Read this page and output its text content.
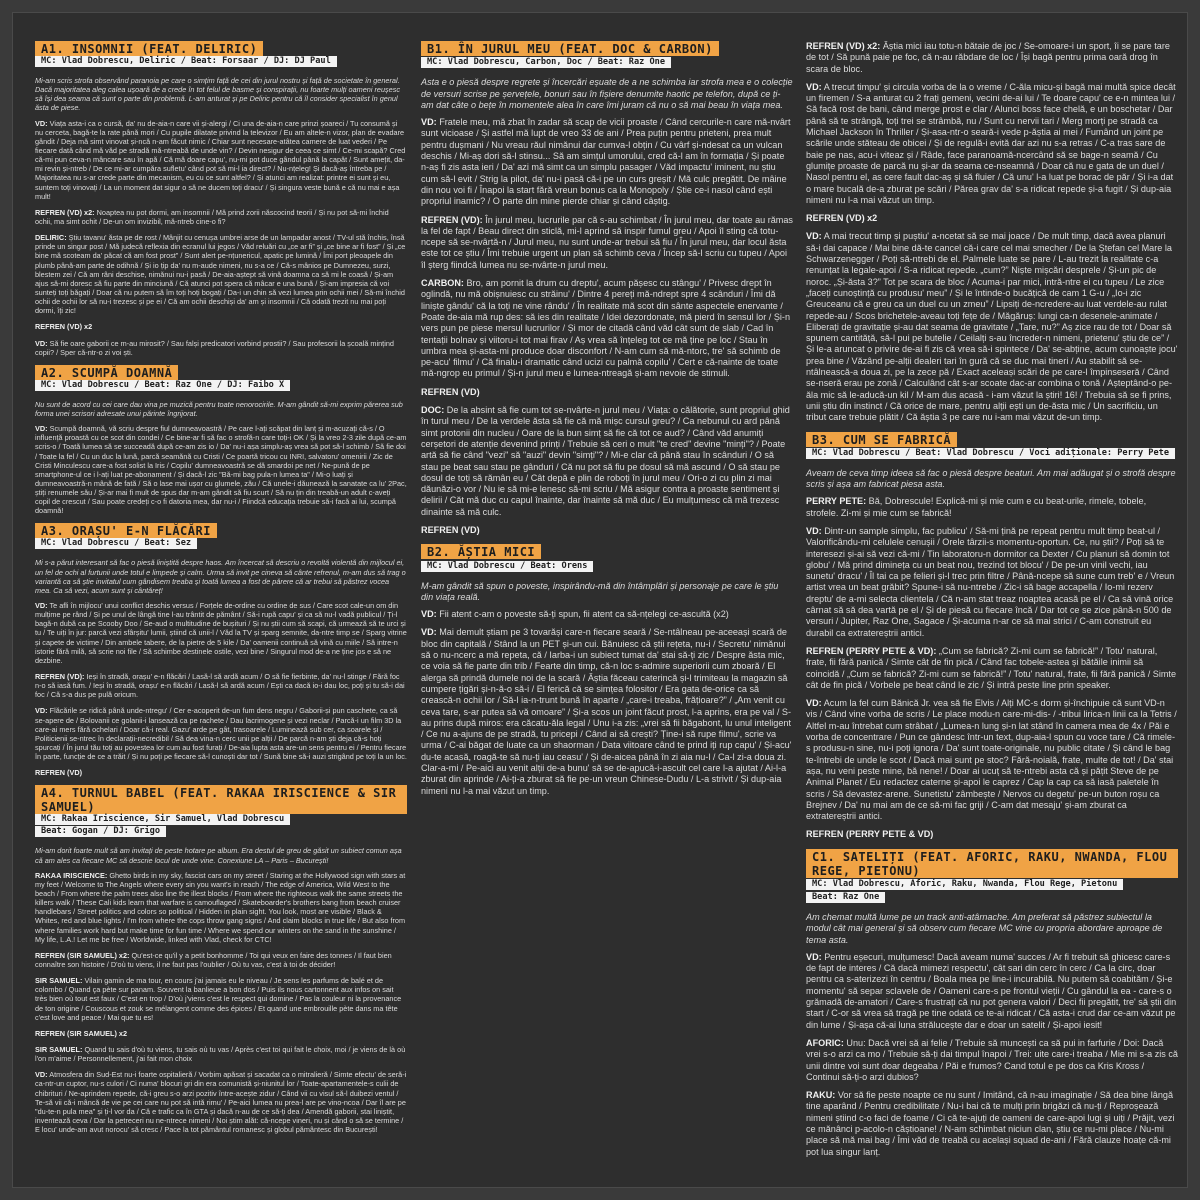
A1. INSOMNII (FEAT. DELIRIC)
MC: Vlad Dobrescu, Deliric / Beat: Forsaar / DJ: DJ Paul

Mi-am scris strofa observând paranoia pe care o simțim față de cei din jurul nostru și față de societate în general. Dacă majoritatea aleg calea ușoară de a crede în tot felul de basme și conspirații, nu foarte mulți oameni reușesc să își dea seama că sunt o parte din problemă. L-am anturat și pe Deliric pentru că îl consider specialist în genul ăsta de piese.
VD: Viața asta-i ca o cursă, da' nu de-aia-n care vii și-alergi / Ci una de-aia-n care prinzi șoareci / Tu consumă și nu cerceta, bagă-te la rate până mori / Cu pupile dilatate privind la televizor / Eu am altele-n vizor, plan de evadare gândit / Deja mă simt vinovat și-ncă n-am făcut nimic / Chiar sunt necesare-atâtea camere de luat vederi / Pe fiecare dată când mă văd pe stradă mă-ntreabă de unde vin? / Devin nesigur de ceea ce simt / Ce-mi scapă? Cred că-mi pun ceva-n mâncare sau în apă / Că mă doare capu', nu-mi pot duce gândul până la capăt / Sunt amețit, da-mi revin și-ntreb / De ce mi-ar cumpăra sufletu' când pot să mi-l ia direct? / Nu-nțeleg! Și dacă-aș întreba pe / Majoritatea nu s-ar crede parte din mecanism, eu cu ce sunt altfel? / Și atunci am realizat: printre ei sunt și eu, suntem toți vinovați / La un moment dat sigur o să ne ducem toți dracu' / Și singura veste bună e că nu mai e așa mult!
REFREN (VD) x2: Noaptea nu pot dormi, am insomnii / Mă prind zorii născocind teorii / Și nu pot să-mi închid ochii, ma simt ochit / De-un om invizibil, mă-ntreb cine-o fi?
DELIRIC: Știu tavanu' ăsta pe de rost / Mânjit cu cenușa umbrei arse de un lampadar anost / TV-ul stă închis, însă prinde un singur post / Mă judecă reflexia din ecranul lui jegos / Văd reluări cu „ce ar fi” și „ce bine ar fi fost” / Și „ce bine mă scoteam da' păcat că am fost prost” / Sunt alert pe-nțunericul, apatic pe lumină / Îmi port pleoapele din plumb până-am parte de odihnă / Și io țip da' nu m-aude nimeni, nu s-a ce / Că-s mânios pe Dumnezeu, surzi, blestem zei / Că am râni deschise, nimănui nu-i pasă / De-aia-aștept să vină doamna ca să mi le coasă / Și-am ajus să-mi doresc să fiu parte din minciună / Că atunci pot spera că mâcar e una bună / Și-am impresia că voi sunteți toți băgați / Doar că nu putem să îm toți hoți bogați / Da-i un chin să vezi lumea prin ochii mei / Să-mi închid ochii de ochii lor să nu-i trezesc și pe ei / Că am ochii deschiși da' am și insomnii / Că odată trezit nu mai poți dormi, îți zic!
REFREN (VD) x2
VD: Să fie oare gaborii ce m-au mirosit? / Sau falși predicatori vorbind prostii? / Sau profesorii la școală mințind copii? / Sper că-ntr-o zi voi ști.
A2. SCUMPĂ DOAMNĂ
MC: Vlad Dobrescu / Beat: Raz One / DJ: Faibo X

Nu sunt de acord cu cei care dau vina pe muzică pentru toate nenorocirile. M-am gândit să-mi exprim părerea sub forma unei scrisori adresate unui părinte îngrijorat.
VD: Scumpă doamnă, vă scriu despre fiul dumneavoastră / Pe care l-ați scăpat din lanț și m-acuzați că-s / O influență proastă cu ce scot din condei / Ce bine-ar fi să fac o strofă-n care toți-i OK / Și la vreo 2-3 zile după ce-am scris-o / Toată lumea să se succeadă după ce-am zis io / Da' nu-i așa simplu-aș vrea să pot să-l schimb / Să fie doi / Toate la fel / Cu un duc la lună, parcă seamănă cu Cristi / Ce poartă tricou cu INRI, salvatoru' omenirii / Zic de Cristi Minculescu care-a fost solist la Iris / Copilu' dumneavoastră se dă smardoi pe net / Ne-pună de pe smartphone-ul ce i l-ați luat pe-abonament / Și dacă-l zic "Bă-mi bag pula-n lumea ta" / Mi-o luați și dumneavoastră-n mână de fată / Să o lase mai ușor cu glumele, zău / Că unele-i dăunează la sanatate ca lu' 2Pac, știți renumele său / Și-ar mai fi mult de spus dar m-am gândit să fiu scurt / Să nu țin din treabă-un adult c-aveți copil de crescut / Sau poate credeți c-o fi datoria mea, dar nu-i / Fiindcă educația trebuie să-i facă ai lui, scumpă doamnă!
A3. ORAȘU' E-N FLĂCĂRI
MC: Vlad Dobrescu / Beat: Sez

Mi s-a părut interesant să fac o piesă liniștită despre haos. Am încercat să descriu o revoltă violentă din mijlocul ei, un fel de ochi al furtunii unde totul e limpede și calm. Urma să invit pe cineva să cânte refrenul, m-am dus să trag o variantă ca să știe invitatul cum gândisem treaba și toată lumea a fost de părere că ar trebui să păstrez vocea mea. Ca să vezi, acum sunt și cântăreț!
VD: Te afli în mijlocu' unui conflict deschis versus / Forțele de-ordine cu ordine de sus / Care scot cale-un om din mulțime pe rând / Și pe unul de lângă tine l-au trântit de pământ / Să-i rupă capu' și ca să nu-l vadă publicul / Ți-l bagă-n dubă ca pe Scooby Doo / Se-aud o multitudine de bușituri / Și nu știi cum să scapi, că urmează să te urci și tu / Te uiți în jur: parcă vezi sfârșitu' lumii, știind că unii-l / Văd la TV și sparg semnite, da-ntre timp se / Sparg vitrine și capete de victime / Din ambele tabere, de la pietre de 5 kile / Da' oamenii continuă să vină cu miile / Să intre-n istorie fără milă, să scrie noi file / Să schimbe destinele ostile, vezi bine / Singurul mod de-a ne ține jos e să ne dezbine.
REFREN (VD): Ieși în stradă, orașu' e-n flăcări / Lasă-l să ardă acum / O să fie fierbinte, da' nu-l stinge / Fără foc n-o să iasă fum. / Ieși în stradă, orașu' e-n flăcări / Lasă-l să ardă acum / Ești ca dacă io-i dau loc, poți și tu să-i dai foc / Că s-a dus pe pulă oricum.
VD: Flăcările se ridică până unde-ntregu' / Cer e-acoperit de-un fum dens negru / Gaborii-și pun caschete, ca să se-apere de / Bolovanii ce golanii-i lansează ca pe rachete / Dau lacrimogene și vezi neclar / Parcă-i un film 3D la care-ai mers fără ochelari / Doar că-i real. Gazu' arde pe gât, trasoarele / Luminează sub cer, ca soarele și / Politicienii se-ntrec în declarații-necredibil / Să dea vina-n cerc unii pe alții / De parcă n-am ști deja că-s hoți spurcați / În jurul tău toți au povestea lor cum au fost furați / De-aia lupta asta are-un sens pentru ei / Pentru fiecare în parte, funcție de ce a trăit / Și nu poți pe fiecare să-l cunoști dar tot / Sună bine să-i auzi strigând pe toți la un loc.
REFREN (VD)
A4. TURNUL BABEL (FEAT. RAKAA IRISCIENCE & SIR SAMUEL)
MC: Rakaa Iriscience, Sir Samuel, Vlad Dobrescu
Beat: Gogan / DJ: Grigo

Mi-am dorit foarte mult să am invitați de peste hotare pe album. Era destul de greu de găsit un subiect comun așa că am ales ca fiecare MC să descrie locul de unde vine. Conexiune LA – Paris – București!
RAKAA IRISCIENCE: Ghetto birds in my sky, fascist cars on my street / Staring at the Hollywood sign with stars at my feet / Welcome to The Angels where every sin you want's in reach / The edge of America, Wild West to the beach / From where the palm trees also line the illest blocks / From where the righteous walk the same streets the killers walk / These Cali kids learn that warfare is camouflaged / Skateboarder's brothers bang from beach cruiser handlebars / Street politics and colors so political / Hidden in plain sight. You look, most are visible / Black & Whites, red and blue lights / I'm from where the cops throw gang signs / And claim blocks in true life / But also from where families work hard but make time for fun time / Where we spend our winters on the sand in the sunshine / My life, L.A.! Let me be free / Worldwide, linked with Vlad, check for CTC!
REFREN (SIR SAMUEL) x2: Qu'est-ce qu'il y a petit bonhomme / Toi qui veux en faire des tonnes / Il faut bien connaître son histoire / D'où tu viens, il ne faut pas l'oublier / Où tu vas, c'est à toi de décider!
SIR SAMUEL: Vilain gamin de ma tour, en cours j'ai jamais eu le niveau / Je sens les parfums de balé et de colombo / Quand ça pète sur panam. Souvent la banlieue a bon dos / Puis ils nous cartonnent aux infos on sait très bien où tout est faux / C'est en trop / D'où j'viens c'est le respect qui domine / Pas la couleur ni la provenance de ton origine / Couscous et zouk se mélangent comme des épices / Et quand une embrouille pète dans ma tête c'est love and peace / Mai que tu es!
REFREN (SIR SAMUEL) x2
SIR SAMUEL: Quand tu sais d'où tu viens, tu sais où tu vas / Après c'est toi qui fait le choix, moi / je viens de là où l'on m'aime / Personnellement, j'ai fait mon choix
VD: Atmosfera din Sud-Est nu-i foarte ospitalieră / Vorbim apăsat și sacadat ca o mitralieră / Simte efectu' de seră-i ca-ntr-un cuptor, nu-s culori / Ci numa' blocuri gri din era comunistă și-niunitul lor / Toate-apartamentele-s culii de chibrituri / Ne-aprindem repede, că-i greu s-o arzi pozitiv între-acește zidur / Când vii cu visul să-l duibezi ventul / Te-să vii că-i mâncă de vie pe cei care nu pot să intă rimu' / Pe-aici lumea nu prea-l are pe vino-ncoa / Dar îl are pe "du-te-n pula mea" și ți-l vor da / Că e trafic ca în GTA și dacă n-au de ce să-ți dea / Amendă gaborii, stai liniștit, inventează ceva / Dar la petreceri nu ne-ntrece nimeni / Noi știm alăt: că-ncepe vineri, nu și când o să se termine / E locu' unde-am avut norocu' să cresc / Pace la tot pământul romanesc și globul pământesc din București!
B1. ÎN JURUL MEU (FEAT. DOC & CARBON)
MC: Vlad Dobrescu, Carbon, Doc / Beat: Raz One

Asta e o piesă despre regrete și încercări eșuate de a ne schimba iar strofa mea e o colecție de versuri scrise pe șervețele, bonuri sau în fișiere denumite haotic pe telefon, după ce ți-am dat câte o bețe în momentele alea în care îmi juram că nu o să mai beau în viața mea.
VD: Fratele meu, mă zbat în zadar să scap de vicii proaste / Când cercurile-n care mă-nvârt sunt vicioase / Și astfel mă lupt de vreo 33 de ani / Prea puțin pentru prieteni, prea mult pentru dușmani / Nu vreau răul nimănui dar cumva-l obțin / Cu vârf și-ndesat ca un vulcan deschis / Mi-aș dori să-l stinsu... Să am simțul umorului, cred că-l am în formația / Și poate n-aș fi zis asta ieri / Da' azi mă simt ca un simplu pasager / Văd impactu' iminent, nu știu cum să-l evit / Strig la pilot, da' nu-i pasă că-i pe un curs greșit / Mă culc pregătit. De mâine din nou voi fi / Înapoi la start fără vreun bonus ca la Monopoly / Știe ce-i nasol când ești propriul inamic? / O parte din mine pierde chiar și când câștig.
REFREN (VD): În jurul meu, lucrurile par că s-au schimbat / În jurul meu, dar toate au rămas la fel de fapt / Beau direct din sticlă, mi-l aprind să inspir fumul greu / Apoi îl sting că totu-ncepe să se-nvârtă-n / Jurul meu, nu sunt unde-ar trebui să fiu / În jurul meu, dar locul ăsta este tot ce știu / Îmi trebuie urgent un plan să schimb ceva / Încep să-l scriu cu tupeu / Apoi îl șterg fiindcă lumea nu se-nvârte-n jurul meu.
CARBON: Bro, am pornit la drum cu dreptu', acum pășesc cu stângu' / Privesc drept în oglindă, nu mă obișnuiesc cu străinu' / Dintre 4 pereți mă-ndrept spre 4 scânduri / Îmi dă liniște gându' că la toți ne vine rându' / În realitate mă scot din sânte aspectele enervante / Poate de-aia mă rup des: să ies din realitate / Idei dezordonate, mă pierd în sensul lor / Și-n vers pun pe piese mersul lucrurilor / Și mor de citadă când văd cât sunt de slab / Cad în tentații bolnav și viitoru-i tot mai firav / Aș vrea să înțeleg tot ce mă ține pe loc / Stau în umbra mea și-asta-mi produce doar disconfort / N-am cum să mă-ntorc, tre' să schimb de pe-acu' filmu' / Că finalu-i dramatic când ucizi cu palmă copilu' / Cert e că-nainte de toate mă-ngrop eu primul / Și-n jurul meu e lumea-ntreagă și-am nevoie de stimuli.
REFREN (VD)
DOC: De la absint să fie cum tot se-nvârte-n jurul meu / Viața: o călătorie, sunt propriul ghid în turul meu / De la verdele ăsta să fie că mă mișc cursul greu? / Ca nebunul cu ard până simt protonii din nucleu / Oare de la bun simț să fie că tot ce aud? / Când văd anumiți cerșetori de atenție devenind prinți / Trebuie să ceri o mult "te cred" devine "minți"? / Poate artă să fie când "vezi" să "auzi" devin "simți"? / Mi-e clar că până stau în scânduri / O să stau pe beat sau stau pe gânduri / Că nu pot să fiu pe dosul să mă ascund / O să stau pe dosul de toți să rămân eu / Cât depă e plin de roboți în jurul meu / Ori-o zi cu plin zi mai dăunăzi-o vor / Nu ie să mi-e lenesc să-mi scriu / Mă asigur contra a proaste sentiment și delirii / Căt mă duc cu capul înainte, dar înainte să mă duc / Eu mulțumesc că mă trezesc dinainte să mă culc.
REFREN (VD)
B2. ĂȘTIA MICI
MC: Vlad Dobrescu / Beat: Orens

M-am gândit să spun o poveste, inspirându-mă din întâmplări și personaje pe care le știu din viața reală.
VD: Fii atent c-am o poveste să-ți spun, fii atent ca să-nțelegi ce-ascultă (x2)
VD: Mai demult știam pe 3 tovarăși care-n fiecare seară / Se-ntâlneau pe-aceeași scară de bloc din capitală / Stând la un PET și-un cui. Bănuiesc că știi rețeta, nu-i / Secretu' nimănui să o nu-ncerc a mă repeta, că / Iarba-i un subiect tumat da' stai să-ți zic / Despre ăsta mic, ce voia să fie parte din trib / Fearte din timp, că-n loc s-admire superiorii cum zboară / El alerga să prindă dumele noi de la scară / Ăștia făceau caterincă și-l trimiteau la magazin să cumpere țigări și-n-ă-o să-i / El ferică că se simțea folositor / Era gata de-orice ca să crească-n ochii lor / Să-l ia-n-trunt bună în aparte / „care-i treaba, frățioare?” / „Am venit cu ceva tare, s-ar putea să vă omoare” / Și-a scos un joint făcut prost, l-a aprins, era pe val / S-au prins după miros: era căcatu-ăla legal / Unu i-a zis: „vrei să fii băgabont, lu unul inteligent / Ce nu a-ajuns de pe stradă, tu pricepi / Când ai să crești? Ține-i să rupe filmu', scrie va urma / C-ai băgat de luate ca un shaorman / Data viitoare când te prind iți rup capu' / Și-acu' du-te acasă, roagă-te să nu-ți iau ceasu' / Și de-aicea până în zi aia nu-l / Ca-l zi-a doua zi. Clar-a-mi / Pe-aici au venit alții de-a bunu' să se de-apucă-i-ascult cel care l-a ajutat / Ai-l-a zburat din aprinde / Ai-ți-a zburat să fie pe-un vreun Chinese-Dudu / L-a strivit / Și dup-aia nimeni nu l-a mai văzut un timp.
REFREN (VD) x2: Ăștia mici iau totu-n bătaie de joc / Se-omoare-i un sport, îi se pare tare de tot / Să pună paie pe foc, că n-au răbdare de loc / Își bagă pentru prima oară drog în scara de bloc.
VD: A trecut timpu' și circula vorba de la o vreme / C-ăla micu-și bagă mai multă spice decât un firemen / S-a anturat cu 2 frați gemeni, vecini de-ai lui / Te doare capu' ce e-n mintea lui / Să facă rost de bani, când merge prost e clar / Alunci boss face chelă, e un boschetar / Dar până să te strângă, toți trei se strâmbă, nu / Sunt cu nervii tari / Merg morți pe stradă ca Michael Jackson în Thriller / Și-asa-ntr-o seară-i vede p-ăștia ai mei / Fumând un joint pe scările unde stăteau de obicei / Și de regulă-i evită dar azi nu s-a retras / C-a tras sare de baie pe nas, acu-i viteaz și / Râde, face paranoamă-ncercând să se bage-n seamă / Cu glumițe proaste de parcă nu și-ar da seama ce-nseamnă / Doar că nu e gata de un duel / Nasol pentru el, as cere fault dac-aș și să fluier / Că unu' l-a luat pe borac de păr / Și i-a dat o mare bucală de-a zburat pe scări / Părea grav da' s-a ridicat repede și-a fugit / Și dup-aia nimeni nu l-a mai văzut un timp.
REFREN (VD) x2
VD: A mai trecut timp și puștiu' a-ncetat să se mai joace / De mult timp, dacă avea planuri să-i dai capace / Mai bine dă-te cancel că-i care cel mai smecher / De la Ștefan cel Mare la Schwarzenegger / Poți să-ntrebi de el. Palmele luate se pare / L-au trezit la realitate c-a renunțat la legale-apoi / S-a ridicat repede. „cum?” Niște mișcări desprele / Și-un pic de noroc. „Și-ăsta 3?” Tot pe scara de bloc / Acuma-i par mici, intră-ntre ei cu tupeu / Le zice „faceți cunoștință cu produsu' meu” / Și le întinde-o bucățică de cam 1 G-u / „Io-i zic Greuceanu că e greu ca un duel cu un zmeu” / Lipsiți de-ncredere-au luat verdele-au rulat repede-au / Scos brichetele-aveau toți fețe de / Măgăruș: lungi ca-n desenele-animate / Eliberați de gravitație și-au dat seama de gravitate / „Tare, nu?” Aș zice rau de tot / Doar să spunem cantităță, să-l pui pe butelie / Ceilalți s-au încreder-n nimeni, prietenu' știu de ce” / Și le-a aruncat o privire de-ai fi zis că vrea să-i spintece / Da' se-abține, acum cunoaște jocu' prea bine / Văzând pe-alții dealeri tari în gură că se duc mai tineri / Au stabilit să se-ntâlnească-a doua zi, pe la zece pă / Exact aceleași scări de pe care-l împinseseră / Când se-nseră erau pe zonă / Calculând cât s-ar scoate dac-ar combina o tonă / Așteptând-o pe-ăla mic să le-aducă-un kil / M-am dus acasă - i-am văzut la știri! 16! / Trebuia să se fi prins, unii știu din instinct / Că orice de mare, pentru alții ești un de-ăsta mic / Un sacrificiu, un tribut care trebuie plătit / Că ăștia 3 pe care nu i-am mai văzut de-un timp.
B3. CUM SE FABRICĂ
MC: Vlad Dobrescu / Beat: Vlad Dobrescu / Voci adiționale: Perry Pete

Aveam de ceva timp ideea să fac o piesă despre beaturi. Am mai adăugat și o strofă despre scris și așa am fabricat piesa asta.
PERRY PETE: Bă, Dobrescule! Explică-mi și mie cum e cu beat-urile, rimele, tobele, strofele. Zi-mi și mie cum se fabrică!
VD: Dintr-un sample simplu, fac publicu' / Să-mi țină pe repeat pentru mult timp beat-ul / Valorificându-mi celulele cenușii / Orele târzii-s momentu-oportun. Ce, nu știi? / Poți să te interesezi și-ai să vezi că-mi / Tin laboratoru-n dormitor ca Dexter / Cu planuri să domin tot globu' / Mă prind dimineța cu un beat nou, trezind tot blocu' / De pe-un vinil vechi, iau sunetu' dracu' / Îl tai ca pe felieri și-l trec prin filtre / Până-ncepe să sune cum treb' e / Vreun artist vrea un beat grăbit? Spune-i să nu-ntrebe / Zic-i să bage accapella / Io-mi rezerv dreptu' de a-mi selecta clientela / Că n-am stat treaz noaptea acasă pe el / Ca să vină orice cârnat să să dea vartă pe el / Și de piesă cu fiecare încă / Dar tot ce se zice până-n 500 de versuri / Jupiter, Raz One, Sagace / Și-acuma n-ar ce să mai strici / C-am construit eu durabil ca extratereștrii antici.
REFREN (PERRY PETE & VD): „Cum se fabrică? Zi-mi cum se fabrică!” / Totu' natural, frate, fii fără panică / Simte cât de fin pică / Când fac tobele-astea și bătăile inimii să coincidă / „Cum se fabrică? Zi-mi cum se fabrică!” / Totu' natural, frate, fii fără panică / Simte cât de fin pică / Vorbele pe beat când le zic / Și intră peste line prin speaker.
VD: Acum la fel cum Bănică Jr. vea să fie Elvis / Alți MC-s dorm și-închipuie că sunt VD-n vis / Când vine vorba de scris / Le place modu-n care-mi-dis- / -tribui lirica-n linii ca la Tetris / Altfel m-au întrebat cum strâbat / „Lumea-n lung și-n lat stând în camera mea de 4x / Păi e vorba de concentrare / Pun ce gândesc într-un text, dup-aia-l spun cu voce tare / Că rimele-s produsu-n sine, nu-i poți ignora / Da' sunt toate-originale, nu public citate / Și când le bag te-întrebi de unde le scot / Dacă mai sunt pe stoc? Fără-noială, frate, multe de tot! / Da' stai așa, nu veni peste mine, bă nene! / Doar ai ucuț să te-ntrebi asta că și pățit Steve de pe Animal Planet / Eu redactez caterne și-apoi le caprez / Cap la cap ca să iasă paletele în scris / Să devastez-arene. Sunetistu' zâmbește / Nervos cu degetu' pe-un buton roșu ca Brejnev / Da' nu mai am de ce să-mi fac griji / C-am dat mesaju' și-am zburat ca extratereștrii antici.
REFREN (PERRY PETE & VD)
C1. SATELIȚI (FEAT. AFORIC, RAKU, NWANDA, FLOU REGE, PIETONU)
MC: Vlad Dobrescu, Aforic, Raku, Nwanda, Flou Rege, Pietonu
Beat: Raz One

Am chemat multă lume pe un track anti-atârnache. Am preferat să păstrez subiectul la modul cât mai general și să observ cum fiecare MC vine cu propria abordare aproape de tema asta.
VD: Pentru eșecuri, mulțumesc! Dacă aveam numa' succes / Ar fi trebuit să ghicesc care-s de fapt de interes / Că dacă mimezi respectu', cât sari din cerc în cerc / Ca la circ, doar pentru ca s-aterizezi în centru / Boala mea pe line-i incurabilă. Nu putem să coabităm / Și-e momentu' să separ sclavele de / Oameni care-s pe frontul vieții / Cu gândul la ea - care-s o grămadă de-amatori / Care-s frustrați că nu pot genera valori / Deci fii pregătit, tre' să știi din start / C-or să vrea să tragă pe tine odată ce te-ai ridicat / Că asta-i crud dar ce-am văzut pe din lume / Și-așa că-ai luna strălucește dar e doar un satelit / Și-apoi iesit!
AFORIC: Unu: Dacă vrei să ai felie / Trebuie să muncești ca să pui in farfurie / Doi: Dacă vrei s-o arzi ca mo / Trebuie să-ți dai timpul înapoi / Trei: uite care-i treaba / Mie mi s-a zis că unii dintre voi sunt doar degeaba / Păi e frumos? Cand totul e pe dos ca Kris Kross / Continui să-ți-o arzi dubios?
RAKU: Vor să fie peste noapte ce nu sunt / Imitând, că n-au imaginație / Să dea bine lângă tine aparând / Pentru credibilitate / Nu-i bai că te mulți prin brigăzi că nu-ți / Reproșează nimeni știind c-o faci de foame / Ci că te-ajuți de oameni de care-apoi lugi și uiți / Prăjit, vezi ce mănânci p-acolo-n căștioane! / N-am schimbat niciun clan, știu ce nu-mi place / Nu-mi place să mă mai bag / Îmi văd de treabă cu același squad de-ani / Fără clauze hoațe că-mi pot lua singur lanț.
